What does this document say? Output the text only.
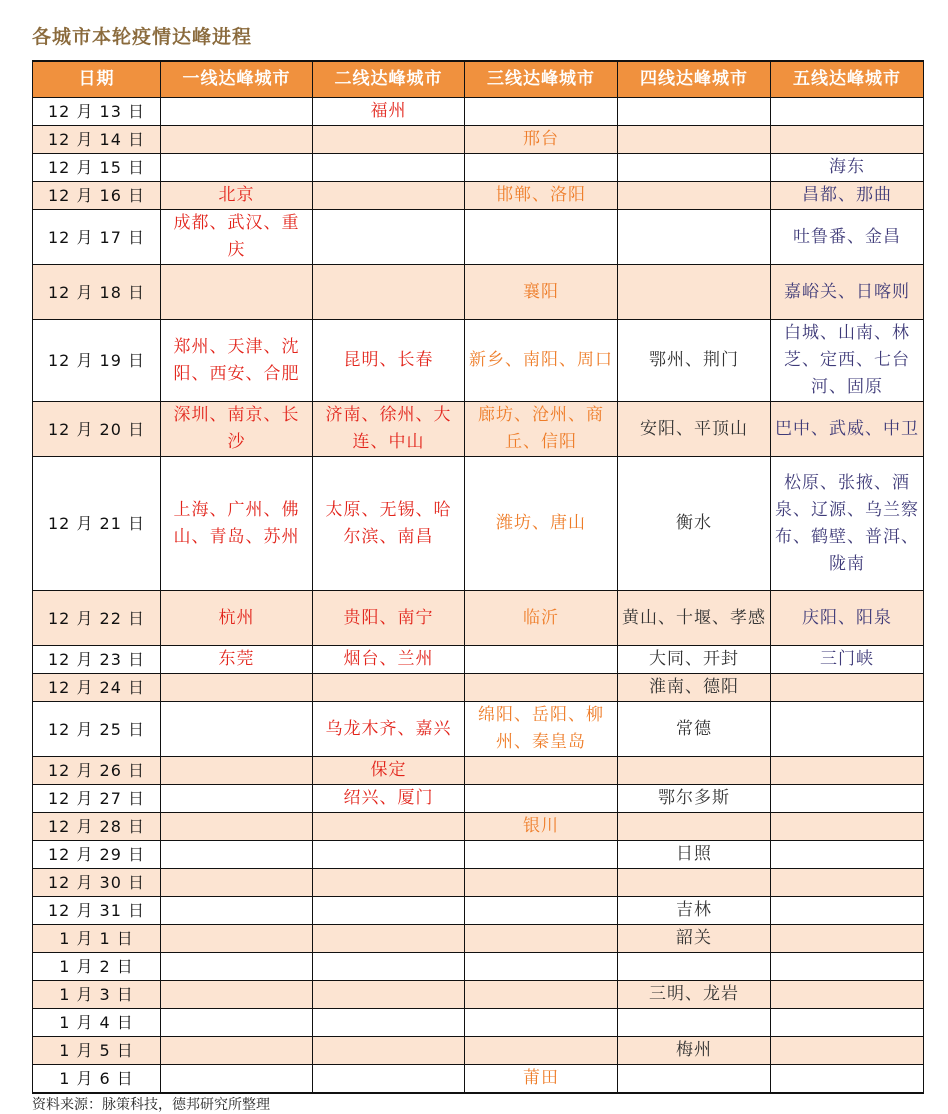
各城市本轮疫情达峰进程
日期	一线达峰城市	二线达峰城市	三线达峰城市	四线达峰城市	五线达峰城市
12 月 13 日		福州			
12 月 14 日			邢台		
12 月 15 日					海东
12 月 16 日	北京		邯郸、洛阳		昌都、那曲
12 月 17 日	成都、武汉、重庆				吐鲁番、金昌
12 月 18 日			襄阳		嘉峪关、日喀则
12 月 19 日	郑州、天津、沈阳、西安、合肥	昆明、长春	新乡、南阳、周口	鄂州、荆门	白城、山南、林芝、定西、七台河、固原
12 月 20 日	深圳、南京、长沙	济南、徐州、大连、中山	廊坊、沧州、商丘、信阳	安阳、平顶山	巴中、武威、中卫
12 月 21 日	上海、广州、佛山、青岛、苏州	太原、无锡、哈尔滨、南昌	潍坊、唐山	衡水	松原、张掖、酒泉、辽源、乌兰察布、鹤壁、普洱、陇南
12 月 22 日	杭州	贵阳、南宁	临沂	黄山、十堰、孝感	庆阳、阳泉
12 月 23 日	东莞	烟台、兰州		大同、开封	三门峡
12 月 24 日				淮南、德阳	
12 月 25 日		乌龙木齐、嘉兴	绵阳、岳阳、柳州、秦皇岛	常德	
12 月 26 日		保定			
12 月 27 日		绍兴、厦门		鄂尔多斯	
12 月 28 日			银川		
12 月 29 日				日照	
12 月 30 日					
12 月 31 日				吉林	
1 月 1 日				韶关	
1 月 2 日					
1 月 3 日				三明、龙岩	
1 月 4 日					
1 月 5 日				梅州	
1 月 6 日			莆田		
资料来源：脉策科技，德邦研究所整理
